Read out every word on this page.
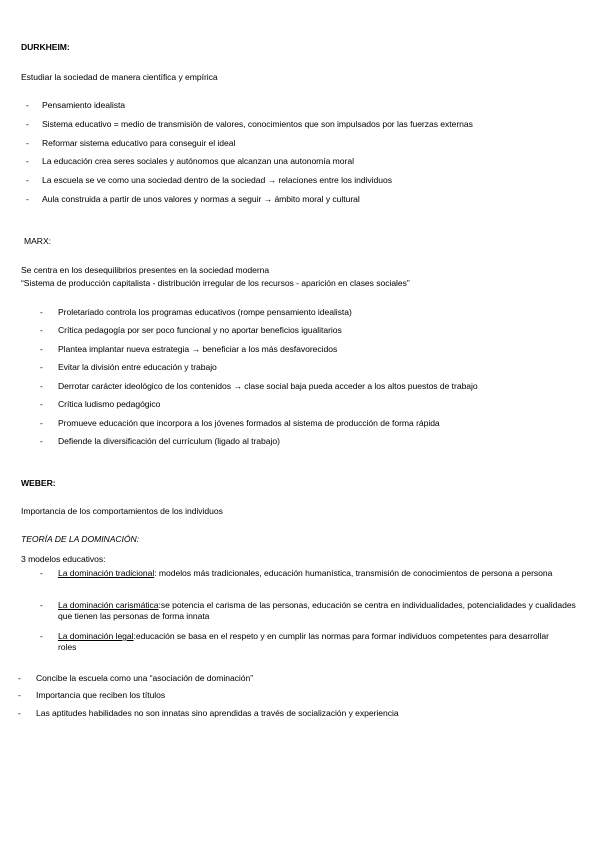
DURKHEIM:
Estudiar la sociedad de manera científica y empírica
- Pensamiento idealista
- Sistema educativo = medio de transmisión de valores, conocimientos que son impulsados por las fuerzas externas
- Reformar sistema educativo para conseguir el ideal
- La educación crea seres sociales y autónomos que alcanzan una autonomía moral
- La escuela se ve como una sociedad dentro de la sociedad → relaciones entre los individuos
- Aula construida a partir de unos valores y normas a seguir → ámbito moral y cultural
MARX:
Se centra en los desequilibrios presentes en la sociedad moderna
“Sistema de producción capitalista - distribución irregular de los recursos - aparición en clases sociales”
- Proletariado controla los programas educativos (rompe pensamiento idealista)
- Crítica pedagogía por ser poco funcional y no aportar beneficios igualitarios
- Plantea implantar nueva estrategia → beneficiar a los más desfavorecidos
- Evitar la división entre educación y trabajo
- Derrotar carácter ideológico de los contenidos → clase social baja pueda acceder a los altos puestos de trabajo
- Crítica ludismo pedagógico
- Promueve educación que incorpora a los jóvenes formados al sistema de producción de forma rápida
- Defiende la diversificación del currículum (ligado al trabajo)
WEBER:
Importancia de los comportamientos de los individuos
TEORÍA DE LA DOMINACIÓN:
3 modelos educativos:
- La dominación tradicional: modelos más tradicionales, educación humanística, transmisión de conocimientos de persona a persona
- La dominación carismática:se potencia el carisma de las personas, educación se centra en individualidades, potencialidades y cualidades que tienen las personas de forma innata
- La dominación legal:educación se basa en el respeto y en cumplir las normas para formar individuos competentes para desarrollar roles
- Concibe la escuela como una “asociación de dominación”
- Importancia que reciben los títulos
- Las aptitudes habilidades no son innatas sino aprendidas a través de socialización y experiencia
